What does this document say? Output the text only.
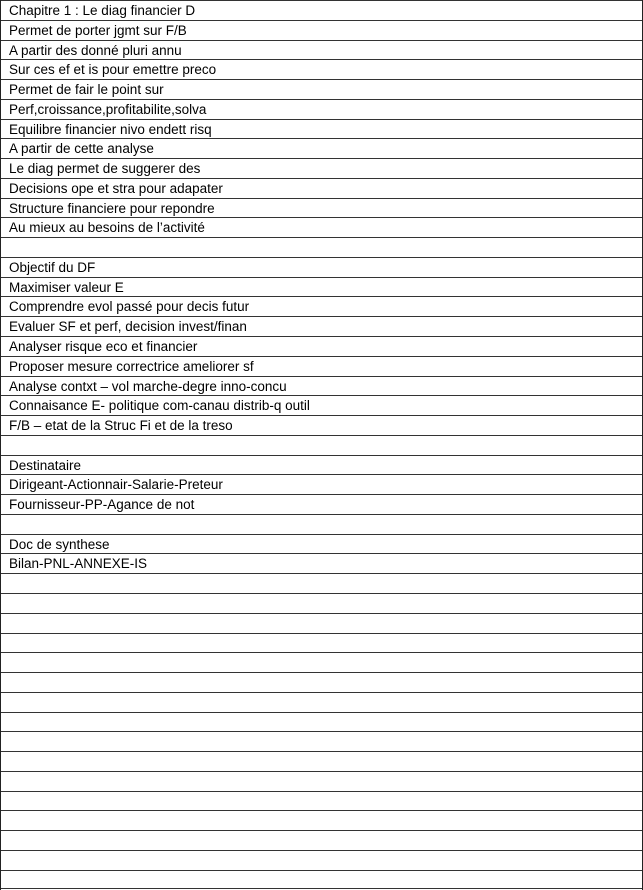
Chapitre 1 : Le diag financier D
Permet de porter jgmt sur F/B
A partir des donné pluri annu
Sur ces ef et is pour emettre preco
Permet de fair le point sur
Perf,croissance,profitabilite,solva
Equilibre financier nivo endett risq
A partir de cette analyse
Le diag permet de suggerer des
Decisions ope et stra pour adapater
Structure financiere pour repondre
Au mieux au besoins de l’activité
Objectif du DF
Maximiser valeur E
Comprendre evol passé pour decis futur
Evaluer SF et perf, decision invest/finan
Analyser risque eco et financier
Proposer mesure correctrice ameliorer sf
Analyse contxt – vol marche-degre inno-concu
Connaisance E- politique com-canau distrib-q outil
F/B – etat de la Struc Fi et de la treso
Destinataire
Dirigeant-Actionnair-Salarie-Preteur
Fournisseur-PP-Agance de not
Doc de synthese
Bilan-PNL-ANNEXE-IS
